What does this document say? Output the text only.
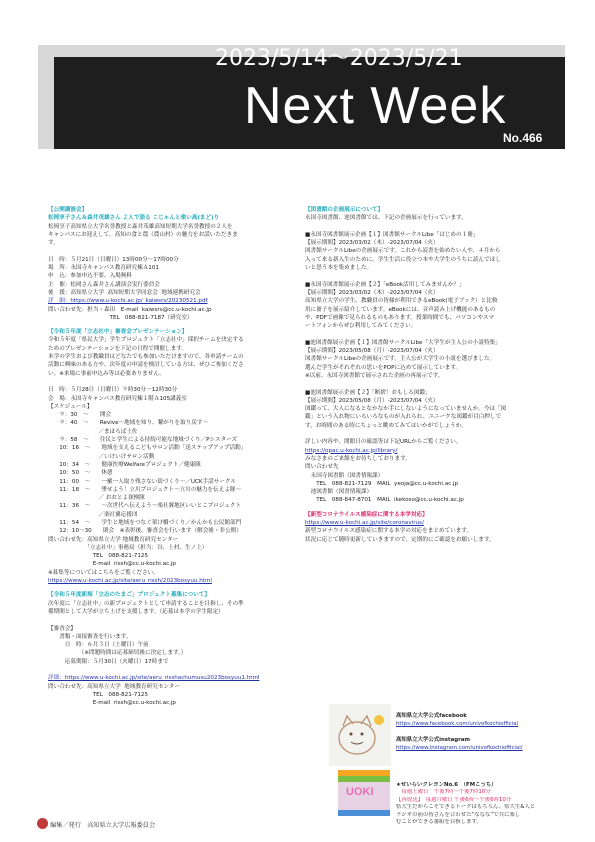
2023/5/14～2023/5/21
Next Week
No.466
【公開講演会】
松岡享子さん＆森井茂雄さん ２人で語る こじゃんと楽い高(まど)り
松岡享子高知県立大学名誉教授と森井茂雄高知短期大学名誉教授の２人を
キャンパスにお迎えして、高知の食と農（農山村）の魅力をお話いただきま
す。
日　時：５月21日（日曜日）13時00分～17時00分
場　所：永国寺キャンパス教育研究棟Ａ101
申　込：参加申込不要、入場無料
主　催：松岡さん森井さん講演会実行委員会
後　援：高知県立大学  高知短期大学同窓会  地域連携研究会
詳　細：https://www.u-kochi.ac.jp/_kaiwsrs/20230521.pdf
問い合わせ先：担当・森田　E-mail  kaiwsrs@cc.u-kochi.ac.jp
　　　　　　　　　　　TEL   088-821-7187（研究室）
【令和５年度「立志社中」審査会プレゼンテーション】
令和５年度「県民大学」学生プロジェクト「立志社中」採択チームを決定する
ためのプレゼンテーションを下記の日程で開催します。
本学の学生および教職員はどなたでも参加いただけますので、各申請チームの
活動に興味のある方や、次年度の申請を検討している方は、ぜひご参加くださ
い。※来場に事前申込み等は必要ありません。
日　時：５月28日（日曜日）９時30分～12時30分
会　場：永国寺キャンパス教育研究棟１階Ａ105講義室
【スケジュール】
　　９：30　～　　開会
　　９：40　～　　Revive～地域を知り、繋がりを取り戻す～
　　　　　　　　　／まほろば土佐
　　９：58　～　　住民と学生による持続可能な地域づくり／Pシスターズ
　　10：16　～　　地域を支えるこどもサロン活動「送ステップアップ活動」
　　　　　　　　　／いけいけサロン活動
　　10：34　～　　健康医療Welfareプロジェクト／健康隊
　　10：50　～　　休憩
　　11：00　～　　一羅一人取り残さない街づくり～／UCK手話サークル
　　11：18　～　　墜せよう！立川プロジェクト～立川の魅力を伝えよ隊～
　　　　　　　　　／ おおとよ探検隊
　　11：36　～　　～次世代へ伝えよう～楽社翼地区いいとこプロジェクト
　　　　　　　　　／楽社翼応援団
　　11：54　～　　学生と地域をつなぐ架け橋づくり／かんかも公民館部門
　　12：10～30　　閉会　※表彰後、審査会を行います（解会後・非公開）
問い合わせ先：高知県立大学 地域教育研究センター
　　　　　　　「立志社中」事務局（担当：谷、上村、生ノ上）
　　　　　　　　TEL　088-821-7125
　　　　　　　　E-mail  rissh@cc.u-kochi.ac.jp
※募集等についてはこちらをご覧ください。
https://www.u-kochi.ac.jp/site/aeru_rissh/2023bosyuu.html
【令和５年度新規「立志のたまご」プロジェクト募集について】
次年度に「立志社中」の新プロジェクトとして申請することを目指し、その準
備期間として大学が立ち上げを支援します。（応募は本学の学生限定）
【審査会】
　　書類・面接審査を行います。
　　　日　時：６月３日（土曜日）午前
　　　　　　（※問題時間は応募締切後に決定します。）
　　　応募期限：５月30日（火曜日）17時まで
詳細：https://www.u-kochi.ac.jp/site/aeru_risshachumusu2023bosyuu1.html
問い合わせ先：高知県立大学  地域教育研究センター
　　　　　　　　TEL　088-821-7125
　　　　　　　　E-mail  rissh@cc.u-kochi.ac.jp
【図書館の企画展示について】
永国寺図書館、池図書館では、下記の企画展示を行っています。
■永国寺図書館展示企画【１】図書館サークルLibe「はじめの１冊」
【展示期間】2023/03/02（木）-2023/07/04（火）
図書館サークルLibeの企画展示です。これから読書を始めたい人や、４月から
入って来る新入生のために、学生生活に役立つ本や大学生のうちに読んでほし
いと思う本を集めました。
■永国寺図書館展示企画【２】「eBook活用してみませんか？」
【展示期間】2023/03/02（木）-2023/07/04（火）
高知県立大学の学生、教職員の皆様が利用できるeBook(電子ブック）と比較
用に冊子を展示紹介しています。eBookには、音声読み上げ機能のあるもの
や、PDFで画像で見られるものもあります。授業時間でも、パソコンやスマ
ートフォンからぜひ利用してみてください。
■池図書館展示企画【１】図書館サークルLibe「大学生が主人公の小説特集」
【展示期間】2023/05/08（月）-2023/07/04（火）
図書館サークルLibeの企画展示です。主人公が大学生の小説を選びました。
選んだ学生がそれぞれの思いをPOPに込めて展示しています。
※以前、永国寺図書館で展示された企画の再展示です。
■池図書館展示企画【２】「断捨！おもしろ図鑑」
【展示期間】2023/05/08（月）-2023/07/04（火）
図鑑って、大人になるとなかなか手にしないようになっていませんか。今は「図
鑑」という入れ物にいろいろなものが入れられ、ユニークな図鑑が目白押しで
す。お時間のある時にちょっと眺めてみてはいかがでしょうか。
詳しい内容や、開館日の確認等は下記URLからご覧ください。
https://opac.u-kochi.ac.jp/library/
みなさまのご来館をお待ちしております。
問い合わせ先
　永国寺図書館（図書情報課）
　　TEL　088-821-7129　MAIL  yeoja@cc.u-kochi.ac.jp
　池図書館（図書情報課）
　　TEL　088-847-8701　MAIL  ikekoso@cc.u-kochi.ac.jp
【新型コロナウイルス感染症に関する本学対応】
https://www.u-kochi.ac.jp/site/coronavirus/
新型コロナウイルス感染症に関する本学の対応をまとめています。
状況に応じて随時更新していきますので、定期的にご確認をお願いします。
高知県立大学公式facebook
https://www.facebook.com/univofkochiofficial
高知県立大学公式instagram
https://www.instagram.com/univofkochiofficial/
UOKI
★せいらいクレヨンNo.6　（FMこうち）
　毎週土曜日　午後7時～午後7時10分
【再放送】　毎週月曜日 午後6時～午後6時10分
県大生だからこそできるトークはもちろん、県大生&人と
ラジオの前の皆さんを合わせた“ななな”で共に楽し
むことができる番組を目指します。
編集／発行　高知県立大学広報委員会
